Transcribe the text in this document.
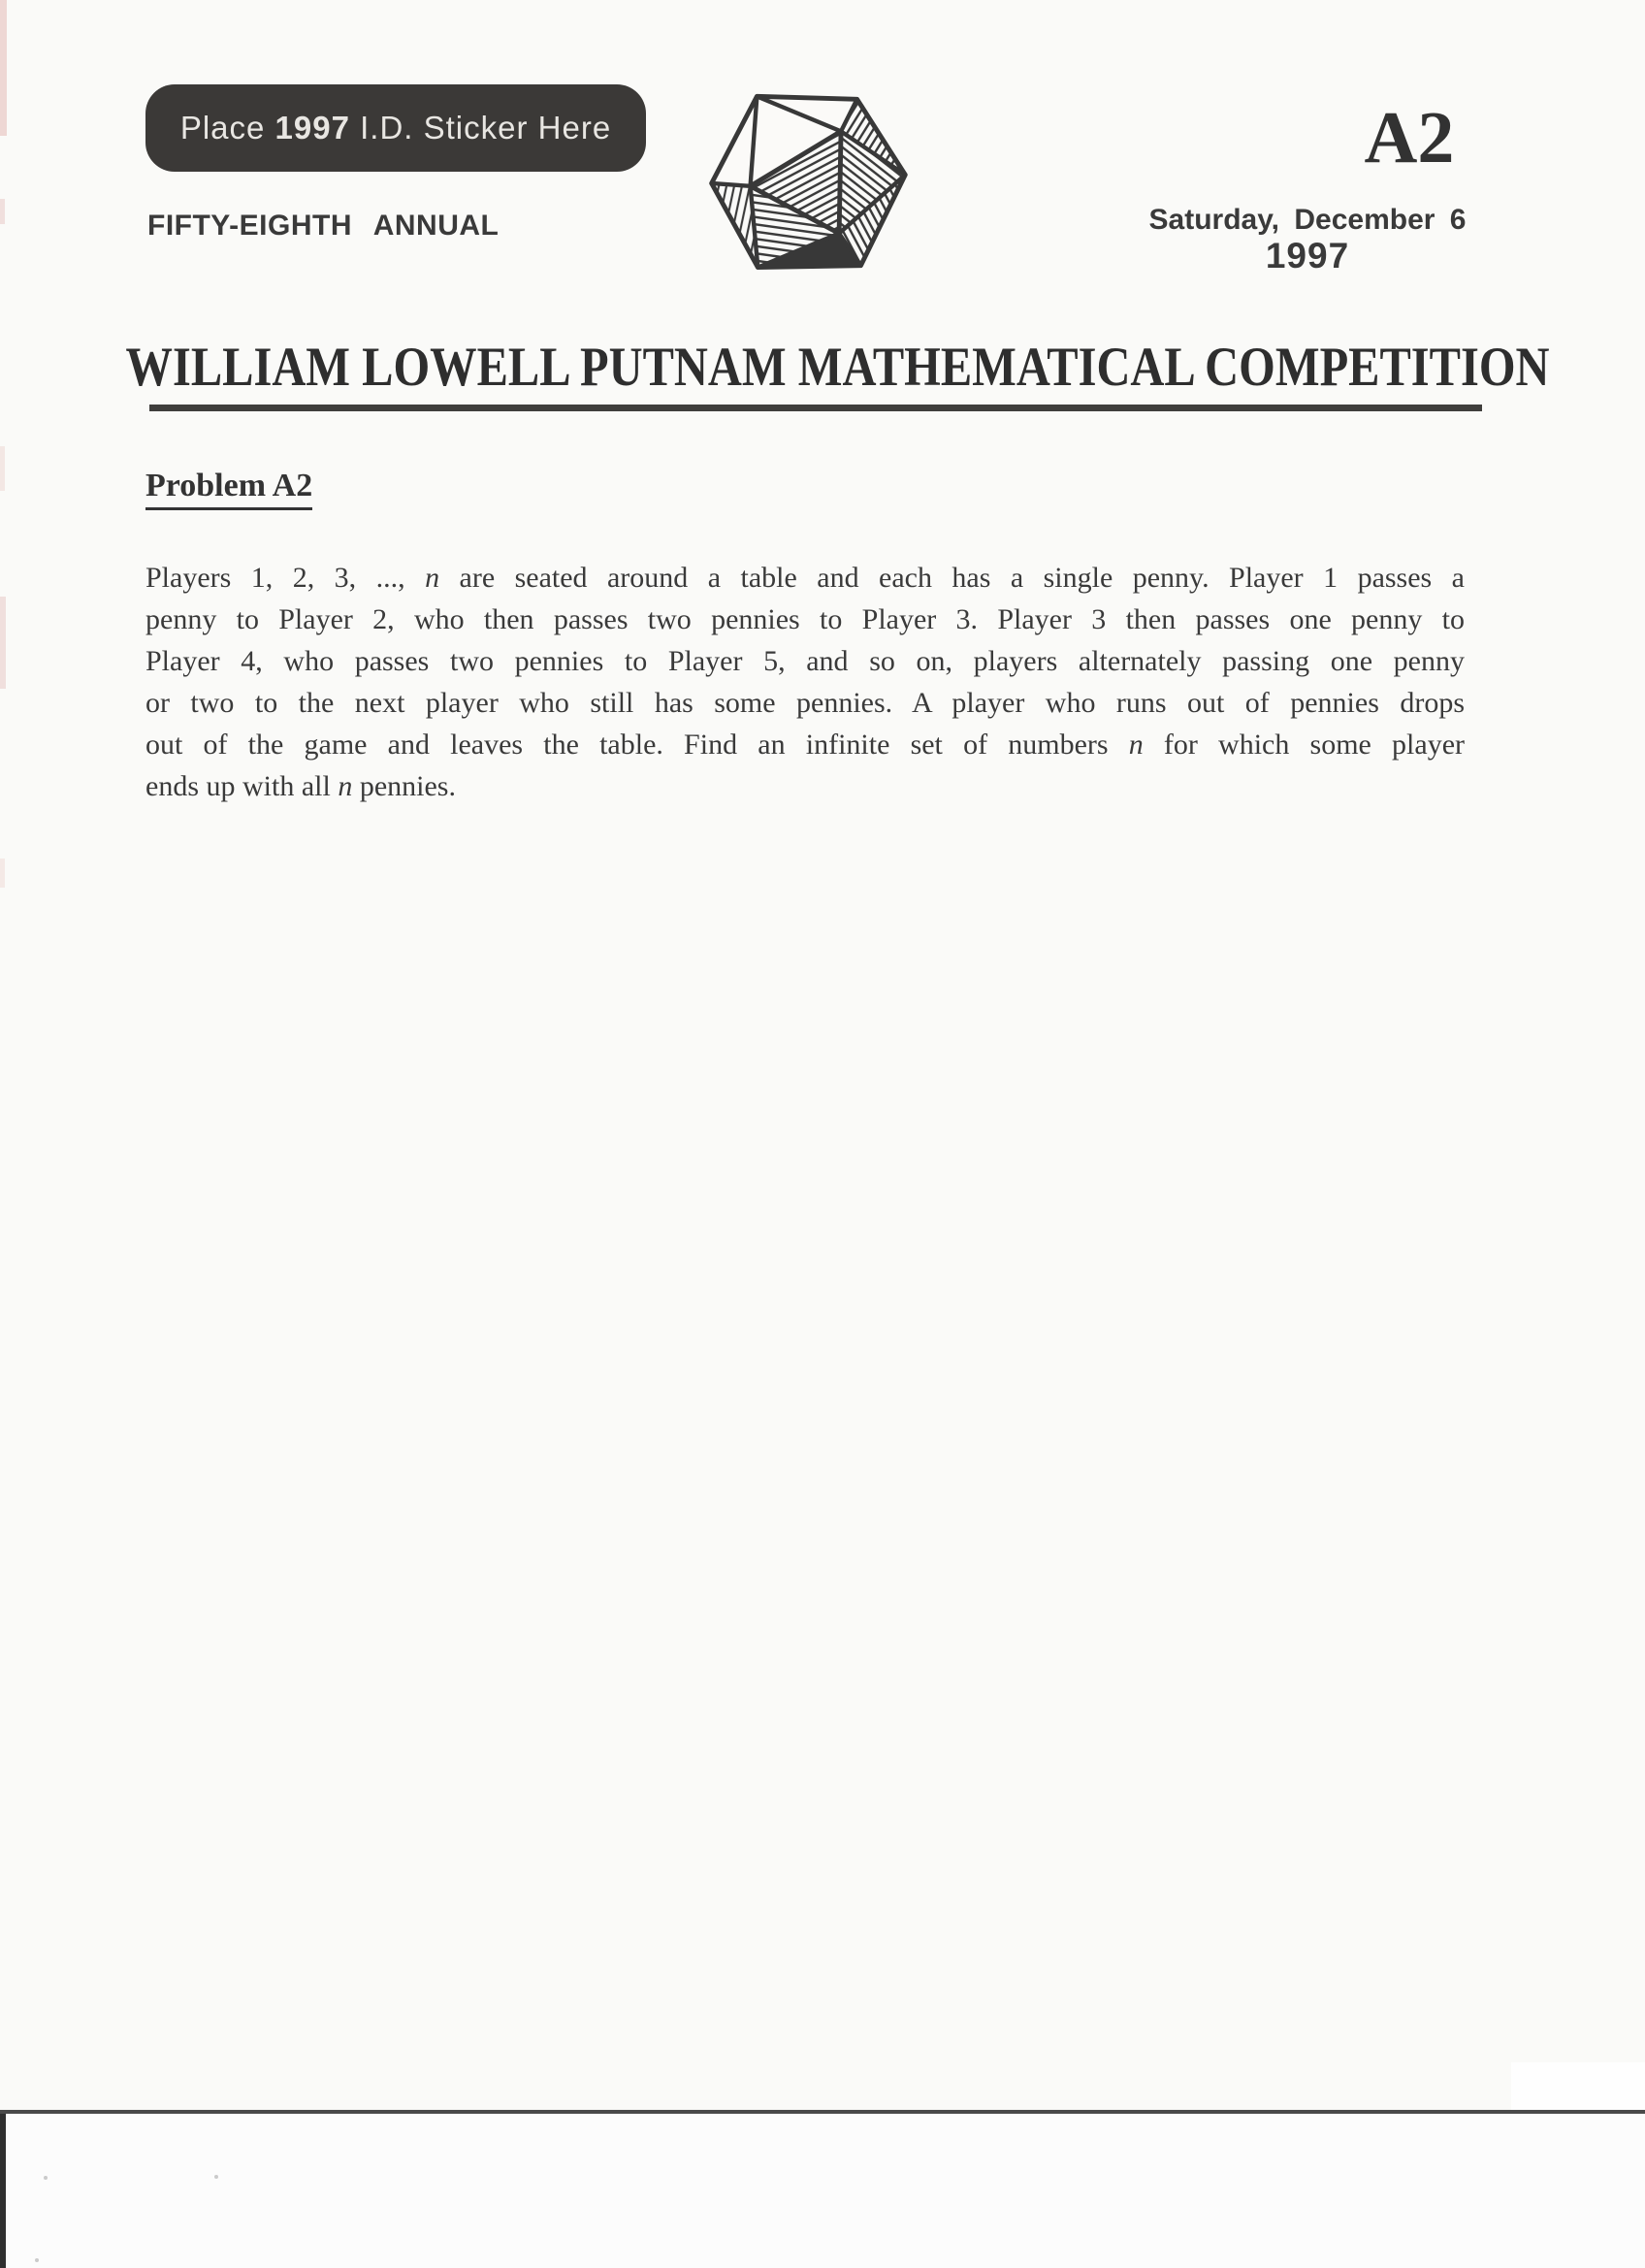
Place 1997 I.D. Sticker Here
FIFTY-EIGHTH ANNUAL
A2
Saturday, December 6
1997
WILLIAM LOWELL PUTNAM MATHEMATICAL COMPETITION
Problem A2
Players 1, 2, 3, ..., n are seated around a table and each has a single penny. Player 1 passes a
penny to Player 2, who then passes two pennies to Player 3. Player 3 then passes one penny to
Player 4, who passes two pennies to Player 5, and so on, players alternately passing one penny
or two to the next player who still has some pennies. A player who runs out of pennies drops
out of the game and leaves the table. Find an infinite set of numbers n for which some player
ends up with all n pennies.
